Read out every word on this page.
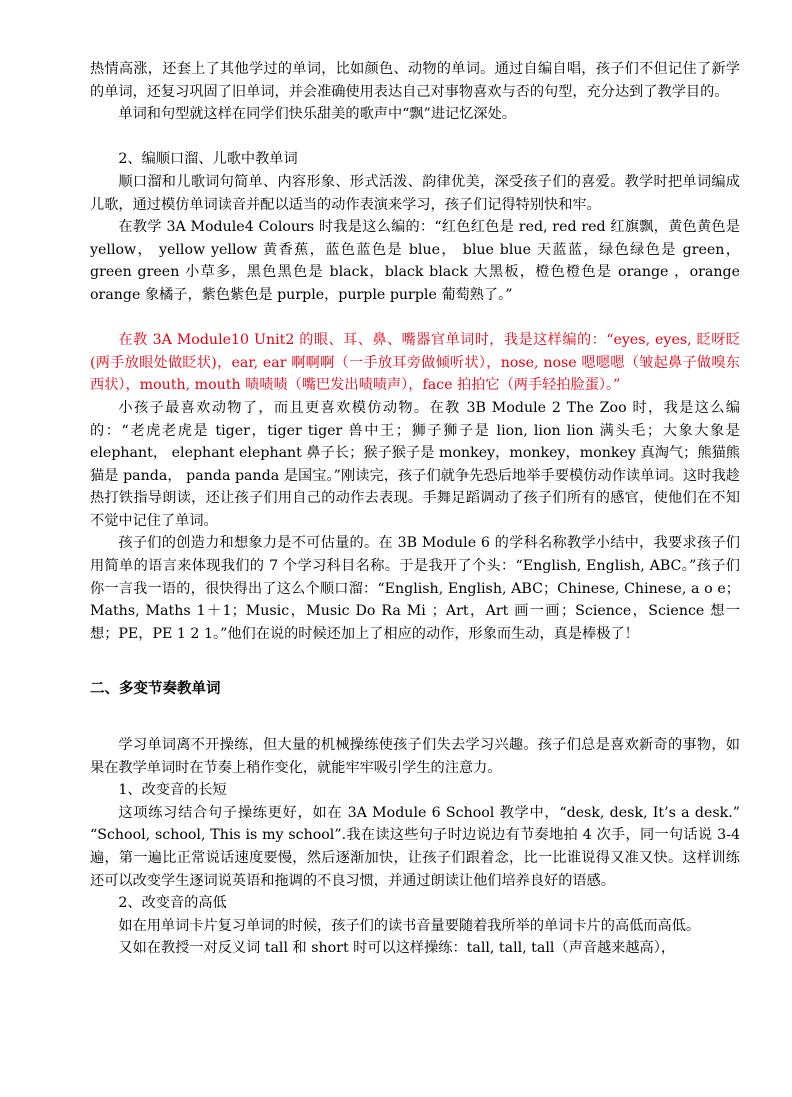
热情高涨，还套上了其他学过的单词，比如颜色、动物的单词。通过自编自唱，孩子们不但记住了新学的单词，还复习巩固了旧单词，并会准确使用表达自己对事物喜欢与否的句型，充分达到了教学目的。

单词和句型就这样在同学们快乐甜美的歌声中“飘”进记忆深处。

2、编顺口溜、儿歌中教单词

顺口溜和儿歌词句简单、内容形象、形式活泼、韵律优美，深受孩子们的喜爱。教学时把单词编成儿歌，通过模仿单词读音并配以适当的动作表演来学习，孩子们记得特别快和牢。

在教学 3A Module4 Colours 时我是这么编的：“红色红色是 red, red red 红旗飘，黄色黄色是 yellow， yellow yellow 黄香蕉，蓝色蓝色是 blue， blue blue 天蓝蓝，绿色绿色是 green， green green 小草多，黑色黑色是 black，black black 大黑板，橙色橙色是 orange ，orange orange 象橘子，紫色紫色是 purple，purple purple 葡萄熟了。”

在教 3A Module10 Unit2 的眼、耳、鼻、嘴器官单词时，我是这样编的：“eyes, eyes, 眨呀眨(两手放眼处做眨状)，ear, ear 啊啊啊（一手放耳旁做倾听状），nose, nose 嗯嗯嗯（皱起鼻子做嗅东西状），mouth, mouth 啧啧啧（嘴巴发出啧啧声），face 拍拍它（两手轻拍脸蛋）。”

小孩子最喜欢动物了，而且更喜欢模仿动物。在教 3B Module 2 The Zoo 时，我是这么编的：“老虎老虎是 tiger，tiger tiger 兽中王；狮子狮子是 lion, lion lion 满头毛；大象大象是 elephant， elephant elephant 鼻子长；猴子猴子是 monkey，monkey，monkey 真淘气；熊猫熊猫是 panda， panda panda 是国宝。”刚读完，孩子们就争先恐后地举手要模仿动作读单词。这时我趁热打铁指导朗读，还让孩子们用自己的动作去表现。手舞足蹈调动了孩子们所有的感官，使他们在不知不觉中记住了单词。

孩子们的创造力和想象力是不可估量的。在 3B Module 6 的学科名称教学小结中，我要求孩子们用简单的语言来体现我们的 7 个学习科目名称。于是我开了个头：“English, English, ABC。”孩子们你一言我一语的，很快得出了这么个顺口溜：“English, English, ABC；Chinese, Chinese, a o e；Maths, Maths 1＋1；Music，Music Do Ra Mi ；Art，Art 画一画；Science，Science 想一想；PE，PE 1 2 1。”他们在说的时候还加上了相应的动作，形象而生动，真是棒极了！

二、多变节奏教单词

学习单词离不开操练，但大量的机械操练使孩子们失去学习兴趣。孩子们总是喜欢新奇的事物，如果在教学单词时在节奏上稍作变化，就能牢牢吸引学生的注意力。

1、改变音的长短

这项练习结合句子操练更好，如在 3A Module 6 School 教学中，“desk, desk, It’s a desk.” “School, school, This is my school”.我在读这些句子时边说边有节奏地拍 4 次手，同一句话说 3-4 遍，第一遍比正常说话速度要慢，然后逐渐加快，让孩子们跟着念，比一比谁说得又准又快。这样训练还可以改变学生逐词说英语和拖调的不良习惯，并通过朗读让他们培养良好的语感。

2、改变音的高低

如在用单词卡片复习单词的时候，孩子们的读书音量要随着我所举的单词卡片的高低而高低。

又如在教授一对反义词 tall 和 short 时可以这样操练：tall, tall, tall（声音越来越高），
